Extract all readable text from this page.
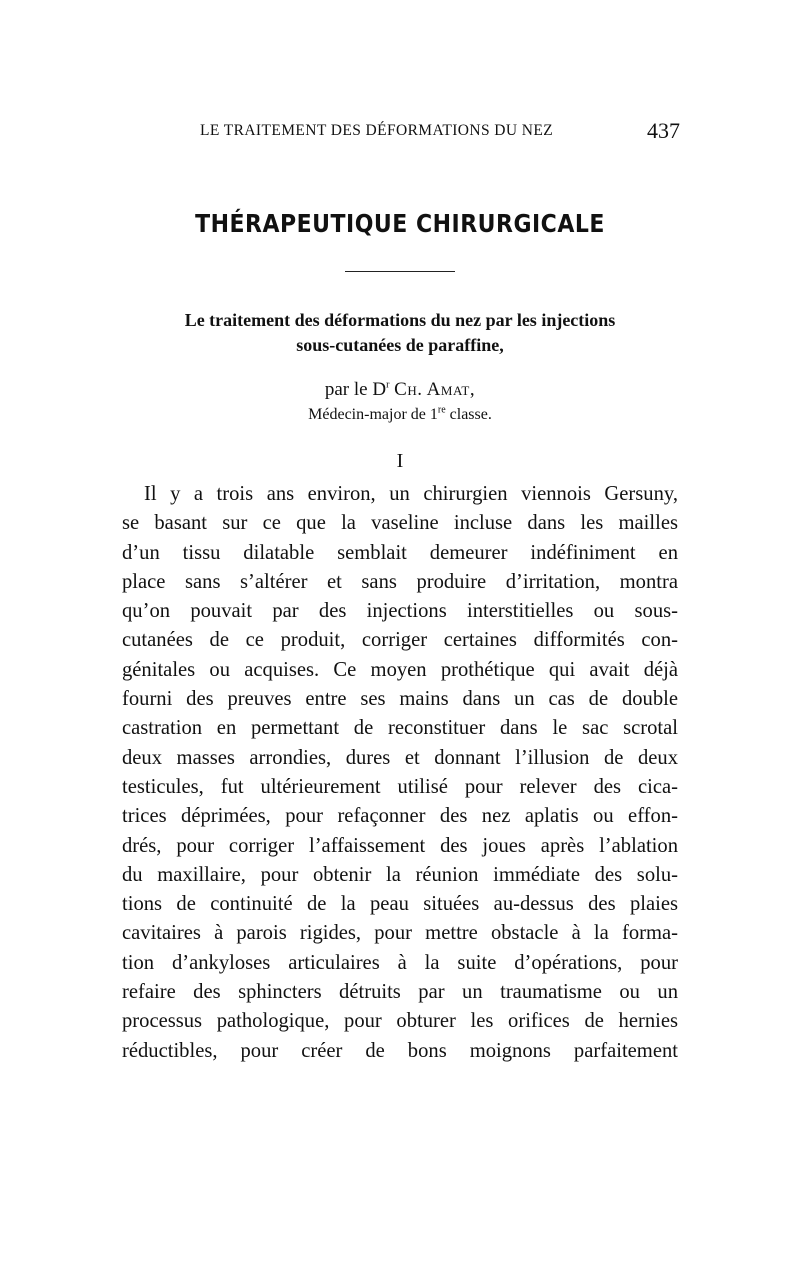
LE TRAITEMENT DES DÉFORMATIONS DU NEZ	437
THÉRAPEUTIQUE CHIRURGICALE
Le traitement des déformations du nez par les injections
sous-cutanées de paraffine,
par le $D^r$ Ch. Amat,
Médecin-major de 1re classe.
I
Il y a trois ans environ, un chirurgien viennois Gersuny,
se basant sur ce que la vaseline incluse dans les mailles
d’un tissu dilatable semblait demeurer indéfiniment en
place sans s’altérer et sans produire d’irritation, montra
qu’on pouvait par des injections interstitielles ou sous-
cutanées de ce produit, corriger certaines difformités con-
génitales ou acquises. Ce moyen prothétique qui avait déjà
fourni des preuves entre ses mains dans un cas de double
castration en permettant de reconstituer dans le sac scrotal
deux masses arrondies, dures et donnant l’illusion de deux
testicules, fut ultérieurement utilisé pour relever des cica-
trices déprimées, pour refaçonner des nez aplatis ou effon-
drés, pour corriger l’affaissement des joues après l’ablation
du maxillaire, pour obtenir la réunion immédiate des solu-
tions de continuité de la peau situées au-dessus des plaies
cavitaires à parois rigides, pour mettre obstacle à la forma-
tion d’ankyloses articulaires à la suite d’opérations, pour
refaire des sphincters détruits par un traumatisme ou un
processus pathologique, pour obturer les orifices de hernies
réductibles, pour créer de bons moignons parfaitement
